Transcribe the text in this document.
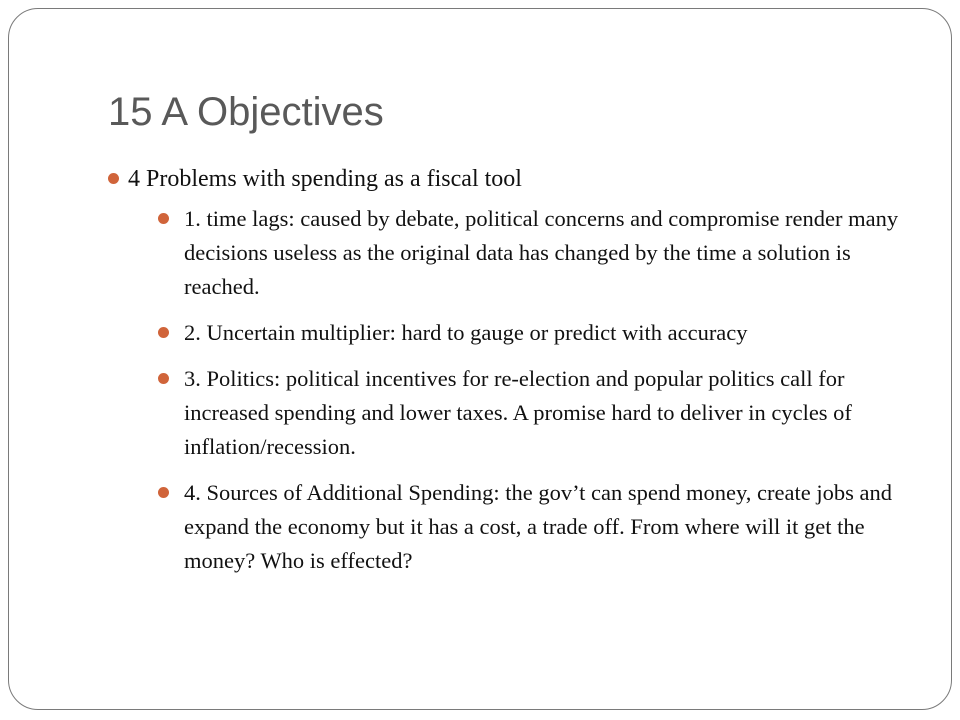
15 A Objectives
4 Problems with spending as a fiscal tool
1. time lags: caused by debate, political concerns and compromise render many decisions useless as the original data has changed by the time a solution is reached.
2. Uncertain multiplier: hard to gauge or predict with accuracy
3. Politics: political incentives for re-election and popular politics call for increased spending and lower taxes. A promise hard to deliver in cycles of inflation/recession.
4. Sources of Additional Spending: the gov’t can spend money, create jobs and expand the economy but it has a cost, a trade off. From where will it get the money? Who is effected?
